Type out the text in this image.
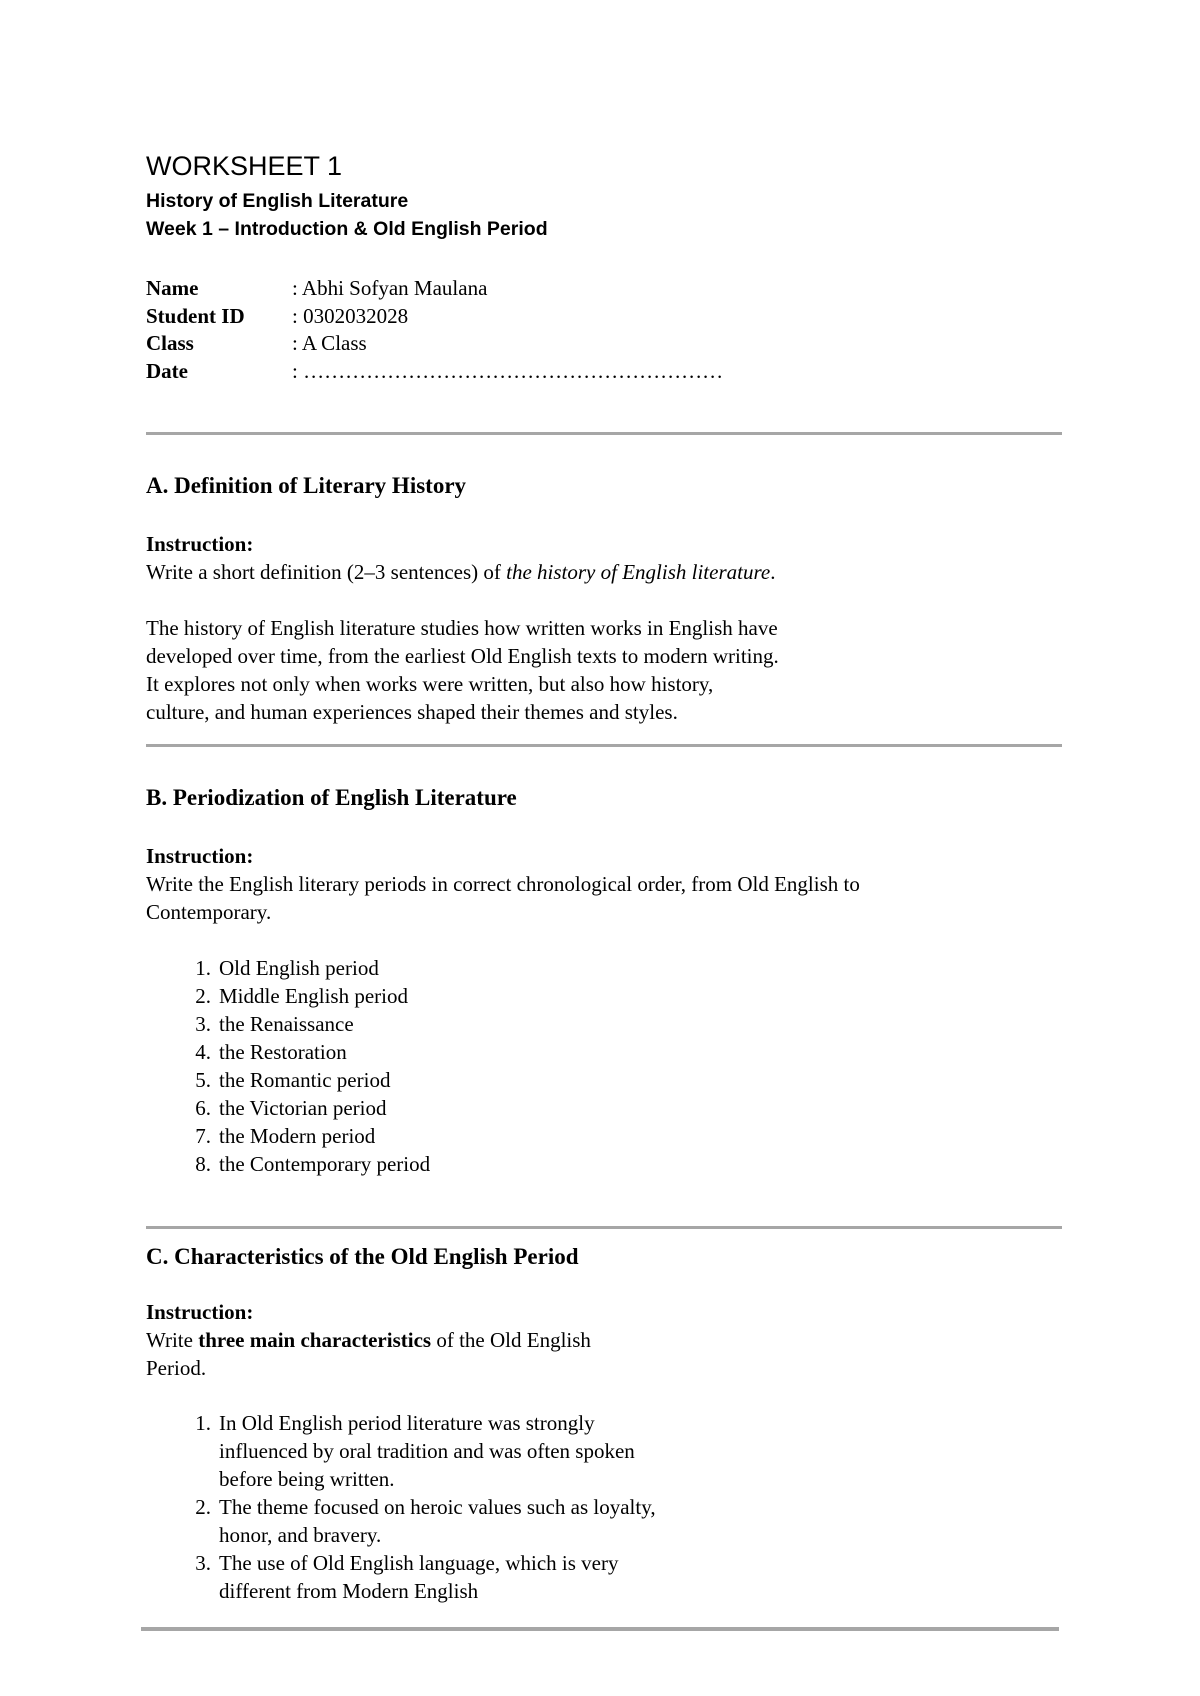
WORKSHEET 1
History of English Literature
Week 1 – Introduction & Old English Period
Name	: Abhi Sofyan Maulana
Student ID : 0302032028
Class	: A Class
Date	: ……………………………………………………
A. Definition of Literary History
Instruction:
Write a short definition (2–3 sentences) of the history of English literature.
The history of English literature studies how written works in English have
developed over time, from the earliest Old English texts to modern writing.
It explores not only when works were written, but also how history,
culture, and human experiences shaped their themes and styles.
B. Periodization of English Literature
Instruction:
Write the English literary periods in correct chronological order, from Old English to
Contemporary.
1. Old English period
2. Middle English period
3. the Renaissance
4. the Restoration
5. the Romantic period
6. the Victorian period
7. the Modern period
8. the Contemporary period
C. Characteristics of the Old English Period
Instruction:
Write three main characteristics of the Old English
Period.
1. In Old English period literature was strongly
influenced by oral tradition and was often spoken
before being written.
2. The theme focused on heroic values such as loyalty,
honor, and bravery.
3. The use of Old English language, which is very
different from Modern English
